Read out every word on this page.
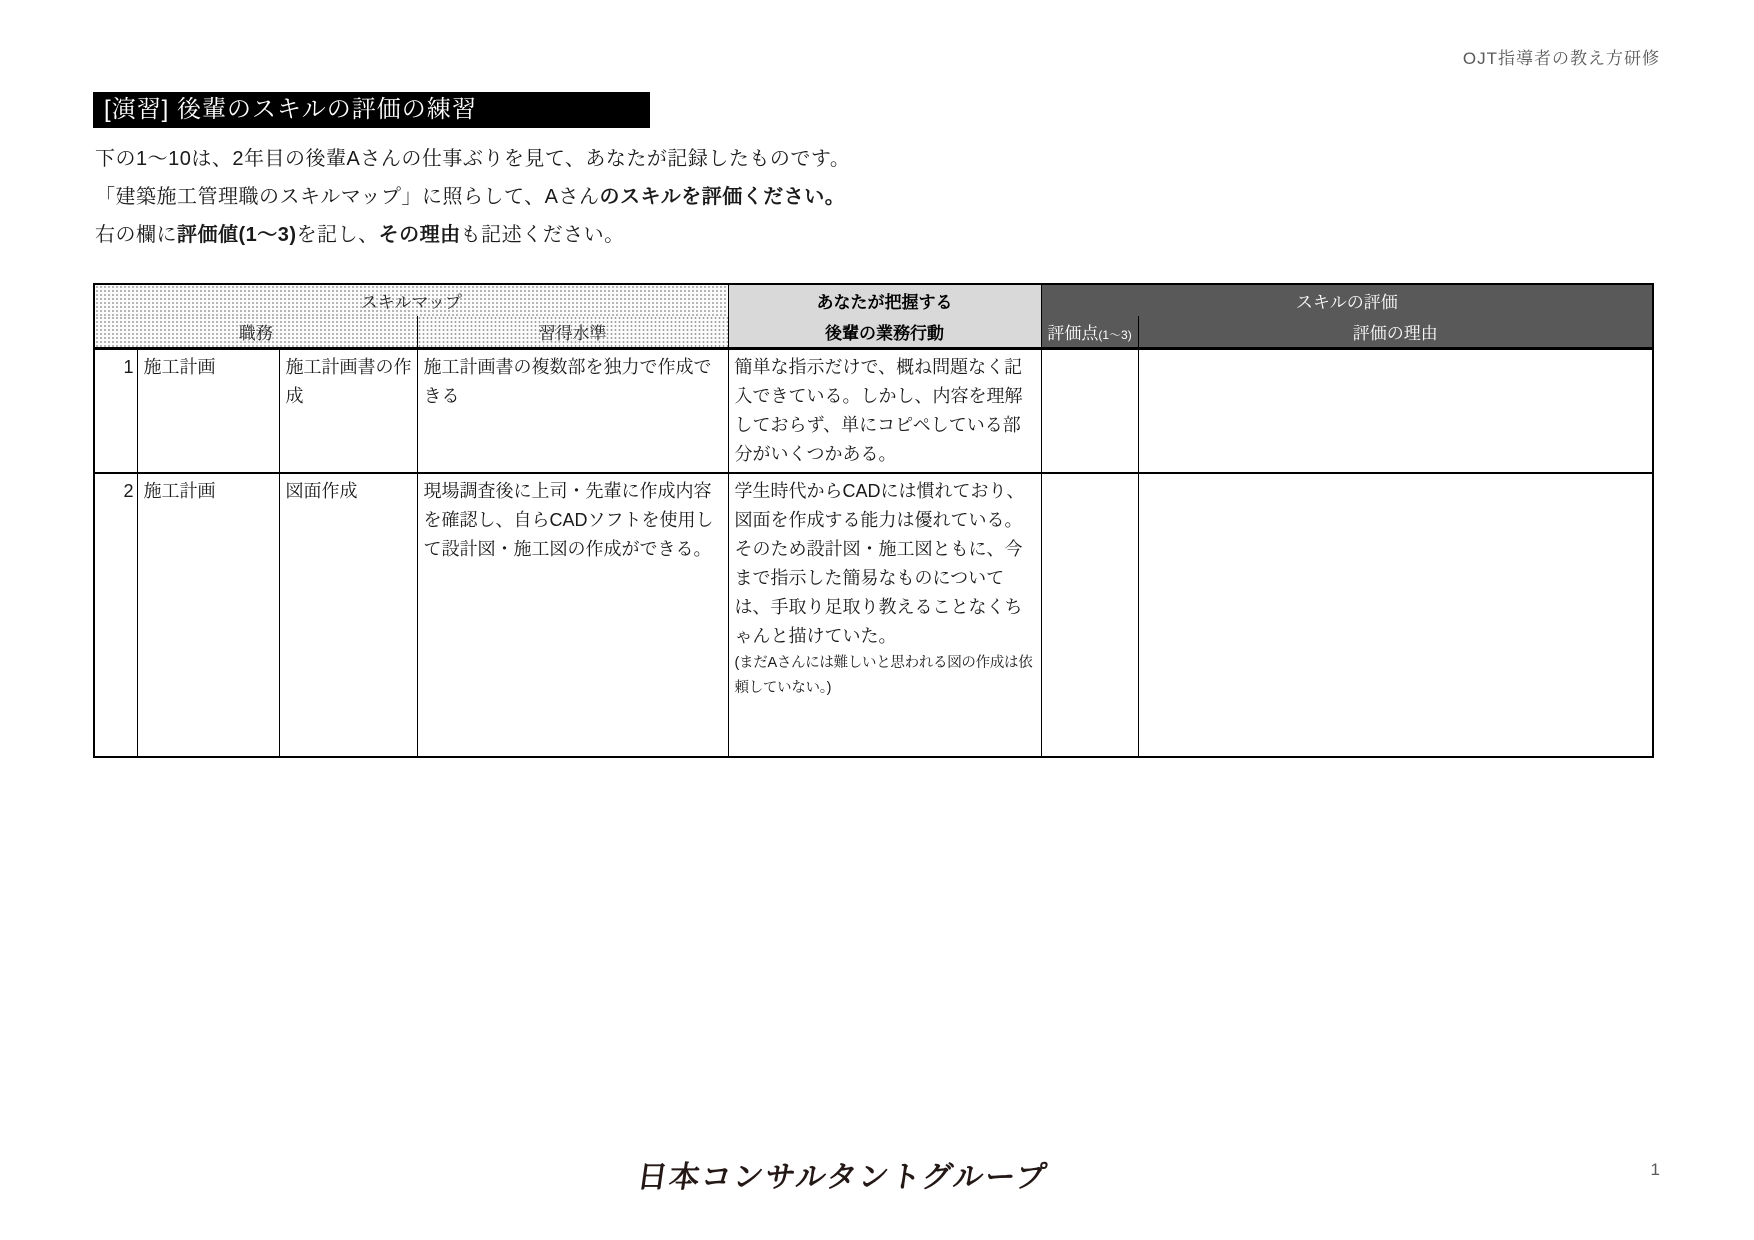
OJT指導者の教え方研修
[演習] 後輩のスキルの評価の練習

下の1～10は、2年目の後輩Aさんの仕事ぶりを見て、あなたが記録したものです。

「建築施工管理職のスキルマップ」に照らして、Aさんのスキルを評価ください。

右の欄に評価値(1～3)を記し、その理由も記述ください。

スキルマップ				あなたが把握する	スキルの評価	
職務			習得水準	後輩の業務行動	評価点(1～3)	評価の理由
1	施工計画	施工計画書の作成	施工計画書の複数部を独力で作成できる	簡単な指示だけで、概ね問題なく記入できている。しかし、内容を理解しておらず、単にコピペしている部分がいくつかある。		
2	施工計画	図面作成	現場調査後に上司・先輩に作成内容を確認し、自らCADソフトを使用して設計図・施工図の作成ができる。	学生時代からCADには慣れており、図面を作成する能力は優れている。そのため設計図・施工図ともに、今まで指示した簡易なものについては、手取り足取り教えることなくちゃんと描けていた。
(まだAさんには難しいと思われる図の作成は依頼していない。)		

日本コンサルタントグループ	1
